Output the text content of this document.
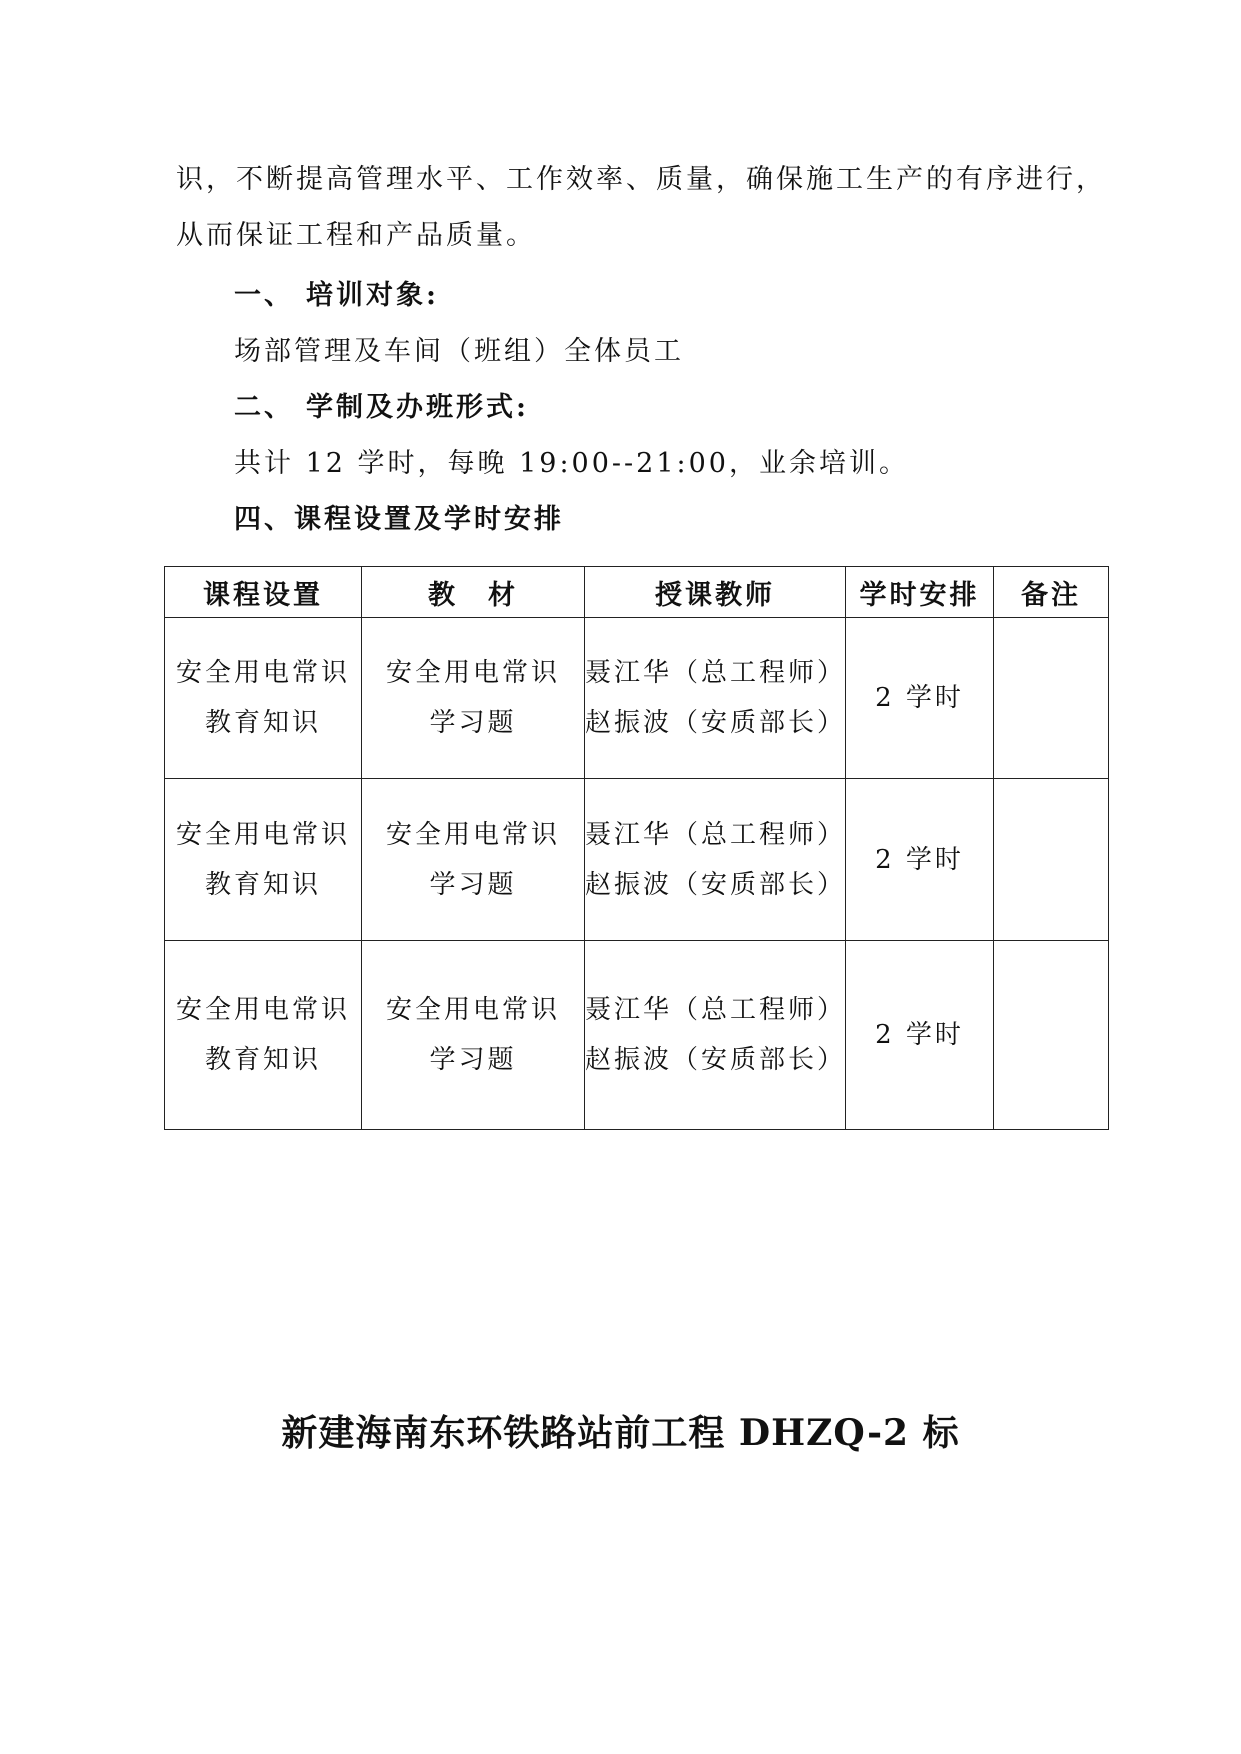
识，不断提高管理水平、工作效率、质量，确保施工生产的有序进行，
从而保证工程和产品质量。
一、 培训对象:
场部管理及车间（班组）全体员工
二、 学制及办班形式:
共计 12 学时，每晚 19:00--21:00，业余培训。
四、课程设置及学时安排
课程设置	教　材	授课教师	学时安排	备注

安全用电常识
教育知识	安全用电常识
学习题	聂江华（总工程师）
赵振波（安质部长）	2 学时	

安全用电常识
教育知识	安全用电常识
学习题	聂江华（总工程师）
赵振波（安质部长）	2 学时	

安全用电常识
教育知识	安全用电常识
学习题	聂江华（总工程师）
赵振波（安质部长）	2 学时	
新建海南东环铁路站前工程 DHZQ-2 标
